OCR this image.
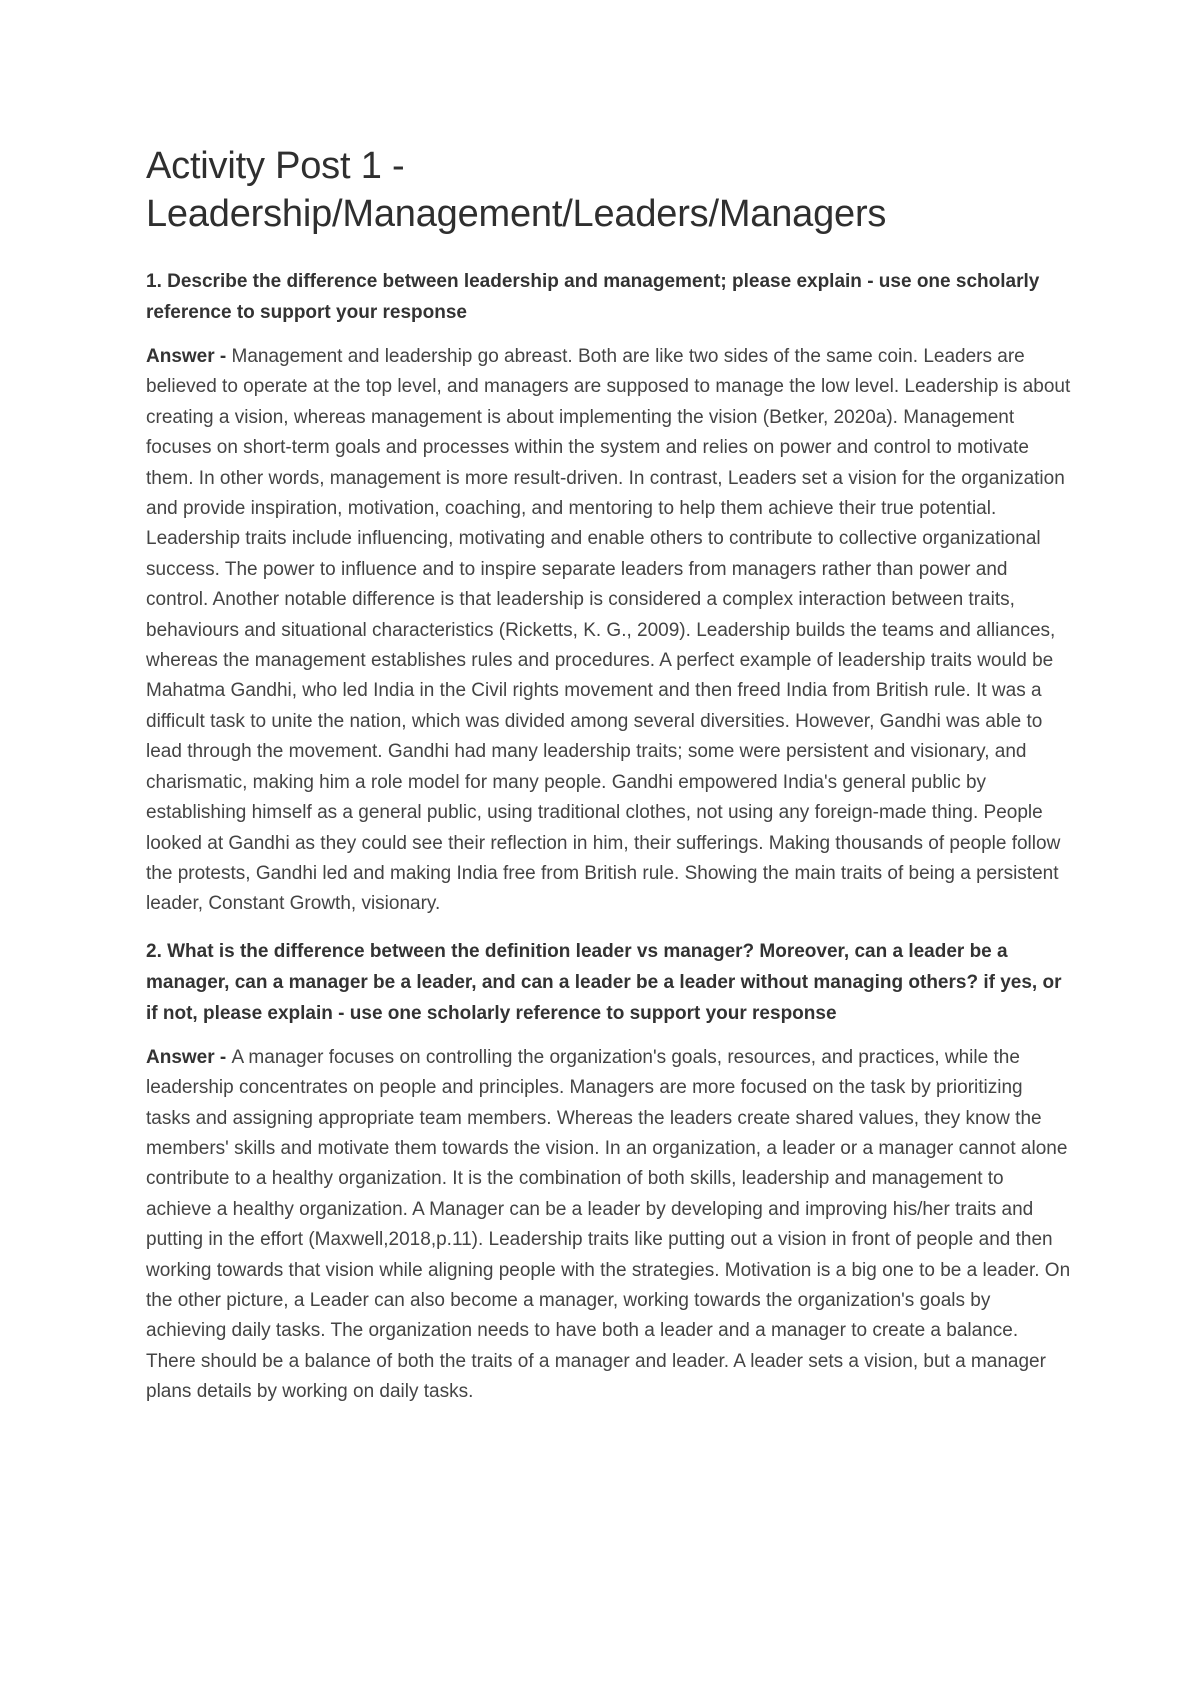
Activity Post 1 - Leadership/Management/Leaders/Managers

1. Describe the difference between leadership and management; please explain - use one scholarly reference to support your response

Answer - Management and leadership go abreast. Both are like two sides of the same coin. Leaders are believed to operate at the top level, and managers are supposed to manage the low level. Leadership is about creating a vision, whereas management is about implementing the vision (Betker, 2020a). Management focuses on short-term goals and processes within the system and relies on power and control to motivate them. In other words, management is more result-driven. In contrast, Leaders set a vision for the organization and provide inspiration, motivation, coaching, and mentoring to help them achieve their true potential. Leadership traits include influencing, motivating and enable others to contribute to collective organizational success. The power to influence and to inspire separate leaders from managers rather than power and control. Another notable difference is that leadership is considered a complex interaction between traits, behaviours and situational characteristics (Ricketts, K. G., 2009). Leadership builds the teams and alliances, whereas the management establishes rules and procedures. A perfect example of leadership traits would be Mahatma Gandhi, who led India in the Civil rights movement and then freed India from British rule. It was a difficult task to unite the nation, which was divided among several diversities. However, Gandhi was able to lead through the movement. Gandhi had many leadership traits; some were persistent and visionary, and charismatic, making him a role model for many people. Gandhi empowered India's general public by establishing himself as a general public, using traditional clothes, not using any foreign-made thing. People looked at Gandhi as they could see their reflection in him, their sufferings. Making thousands of people follow the protests, Gandhi led and making India free from British rule. Showing the main traits of being a persistent leader, Constant Growth, visionary.

2. What is the difference between the definition leader vs manager? Moreover, can a leader be a manager, can a manager be a leader, and can a leader be a leader without managing others? if yes, or if not, please explain - use one scholarly reference to support your response

Answer - A manager focuses on controlling the organization's goals, resources, and practices, while the leadership concentrates on people and principles. Managers are more focused on the task by prioritizing tasks and assigning appropriate team members. Whereas the leaders create shared values, they know the members' skills and motivate them towards the vision. In an organization, a leader or a manager cannot alone contribute to a healthy organization. It is the combination of both skills, leadership and management to achieve a healthy organization. A Manager can be a leader by developing and improving his/her traits and putting in the effort (Maxwell,2018,p.11). Leadership traits like putting out a vision in front of people and then working towards that vision while aligning people with the strategies. Motivation is a big one to be a leader. On the other picture, a Leader can also become a manager, working towards the organization's goals by achieving daily tasks. The organization needs to have both a leader and a manager to create a balance. There should be a balance of both the traits of a manager and leader. A leader sets a vision, but a manager plans details by working on daily tasks.
